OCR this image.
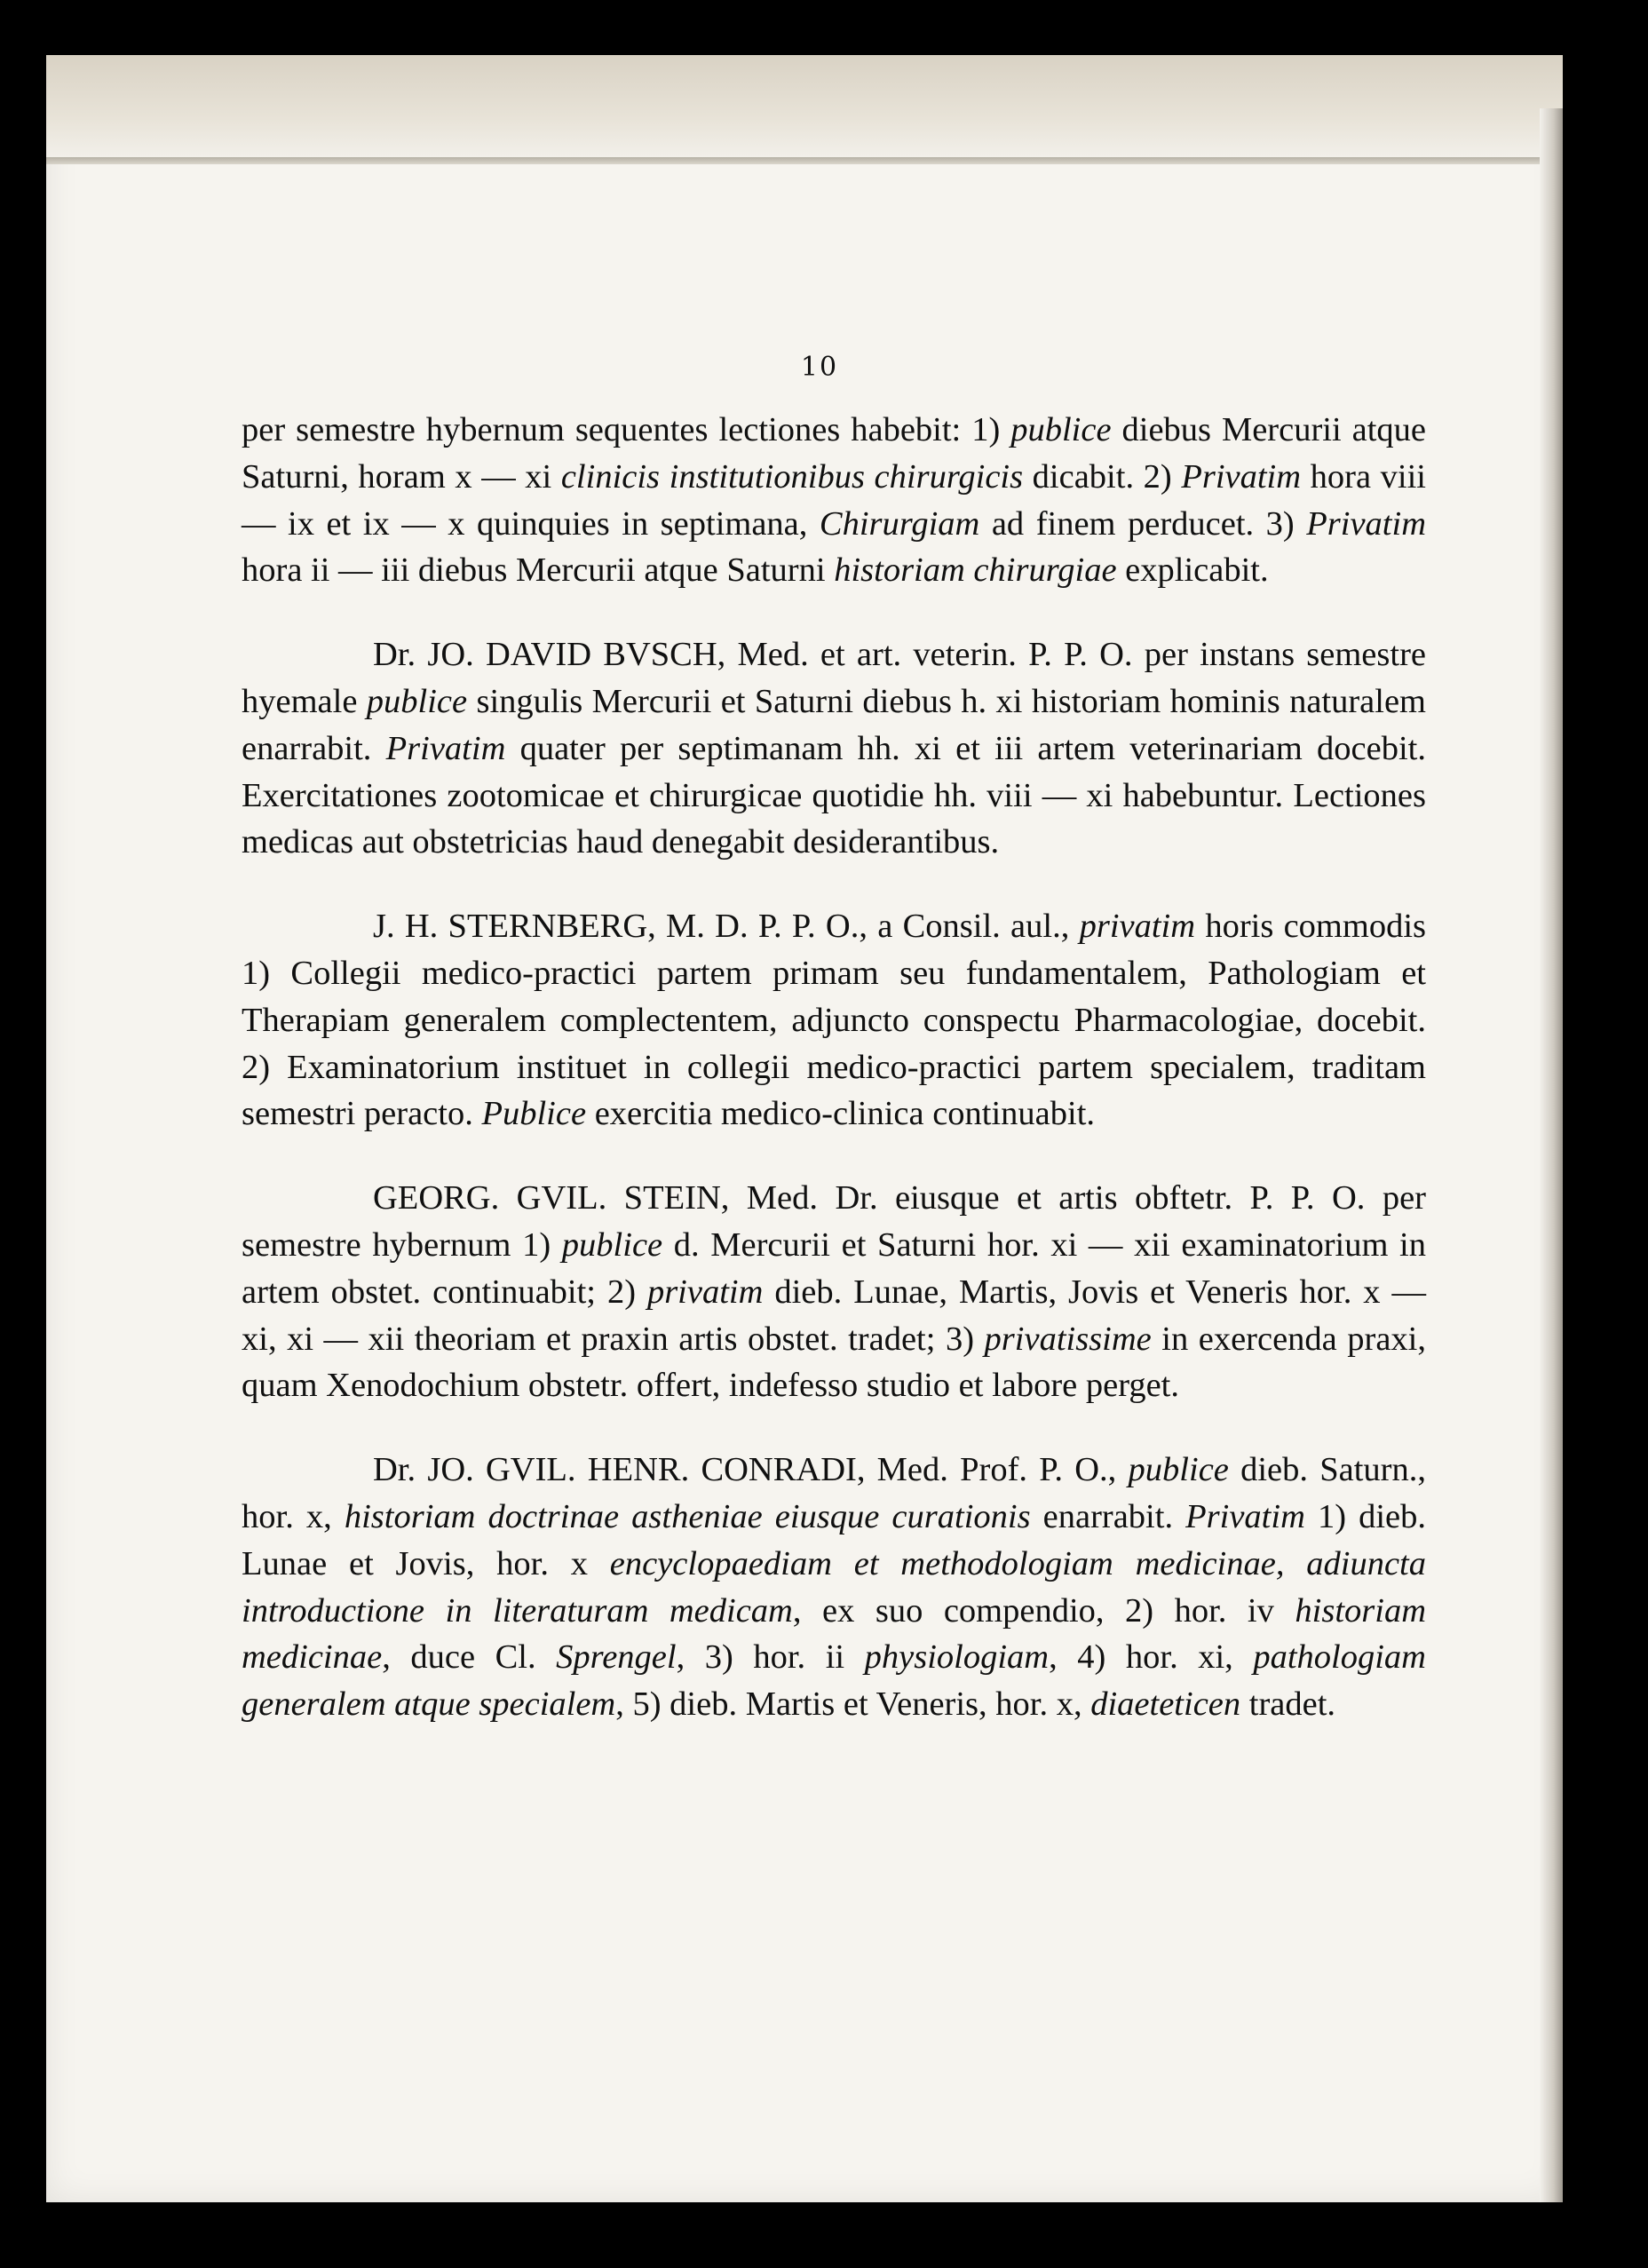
10

per semestre hybernum sequentes lectiones habebit: 1) publice diebus Mercurii atque Saturni, horam x — xi clinicis institutionibus chirurgicis dicabit. 2) Privatim hora viii — ix et ix — x quinquies in septimana, Chirurgiam ad finem perducet. 3) Privatim hora ii — iii diebus Mercurii atque Saturni historiam chirurgiae explicabit.

Dr. JO. DAVID BVSCH, Med. et art. veterin. P. P. O. per instans semestre hyemale publice singulis Mercurii et Saturni diebus h. xi historiam hominis naturalem enarrabit. Privatim quater per septimanam hh. xi et iii artem veterinariam docebit. Exercitationes zootomicae et chirurgicae quotidie hh. viii — xi habebuntur. Lectiones medicas aut obstetricias haud denegabit desiderantibus.

J. H. STERNBERG, M. D. P. P. O., a Consil. aul., privatim horis commodis 1) Collegii medico-practici partem primam seu fundamentalem, Pathologiam et Therapiam generalem complectentem, adjuncto conspectu Pharmacologiae, docebit. 2) Examinatorium instituet in collegii medico-practici partem specialem, traditam semestri peracto. Publice exercitia medico-clinica continuabit.

GEORG. GVIL. STEIN, Med. Dr. eiusque et artis obftetr. P. P. O. per semestre hybernum 1) publice d. Mercurii et Saturni hor. xi — xii examinatorium in artem obstet. continuabit; 2) privatim dieb. Lunae, Martis, Jovis et Veneris hor. x — xi, xi — xii theoriam et praxin artis obstet. tradet; 3) privatissime in exercenda praxi, quam Xenodochium obstetr. offert, indefesso studio et labore perget.

Dr. JO. GVIL. HENR. CONRADI, Med. Prof. P. O., publice dieb. Saturn., hor. x, historiam doctrinae astheniae eiusque curationis enarrabit. Privatim 1) dieb. Lunae et Jovis, hor. x encyclopaediam et methodologiam medicinae, adiuncta introductione in literaturam medicam, ex suo compendio, 2) hor. iv historiam medicinae, duce Cl. Sprengel, 3) hor. ii physiologiam, 4) hor. xi, pathologiam generalem atque specialem, 5) dieb. Martis et Veneris, hor. x, diaeteticen tradet.
